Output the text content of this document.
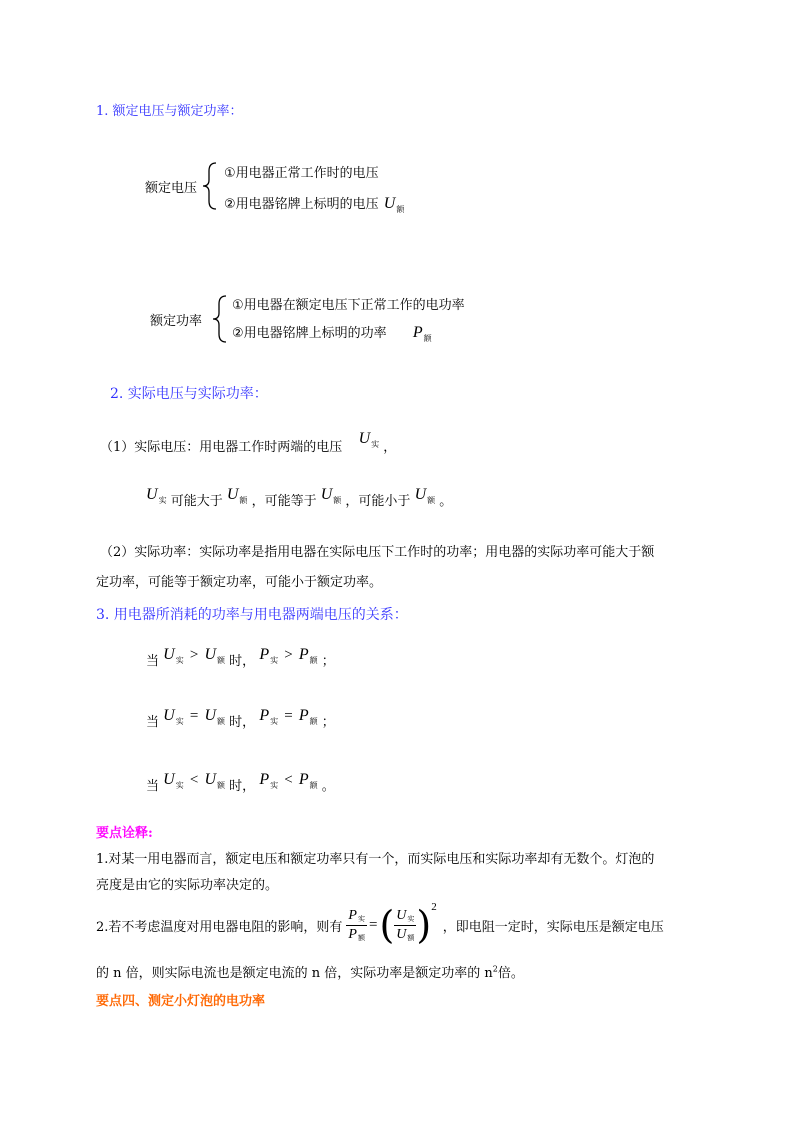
1. 额定电压与额定功率：
额定电压
①用电器正常工作时的电压
②用电器铭牌上标明的电压 $U_额$
额定功率
①用电器在额定电压下正常工作的电功率
②用电器铭牌上标明的功率 $P_额$
2. 实际电压与实际功率：
（1）实际电压：用电器工作时两端的电压  $U^实$ ，
U实 可能大于 U额 ，可能等于 U额 ，可能小于 U额 。
（2）实际功率：实际功率是指用电器在实际电压下工作时的功率；用电器的实际功率可能大于额
定功率，可能等于额定功率，可能小于额定功率。
3. 用电器所消耗的功率与用电器两端电压的关系：
当 U实 > U额 时， P实 > P额 ；
当 U实 = U额 时， P实 = P额 ；
当 U实 < U额 时， P实 < P额 。
要点诠释:
1.对某一用电器而言，额定电压和额定功率只有一个，而实际电压和实际功率却有无数个。灯泡的
亮度是由它的实际功率决定的。
2.若不考虑温度对用电器电阻的影响，则有 $\frac{\text{P实}}{\text{P额}}$ = ( $\frac{\text{U实}}{\text{U额}}$ ) 2
，即电阻一定时，实际电压是额定电压
的 n 倍，则实际电流也是额定电流的 n 倍，实际功率是额定功率的 $n^2$倍。
要点四、测定小灯泡的电功率
